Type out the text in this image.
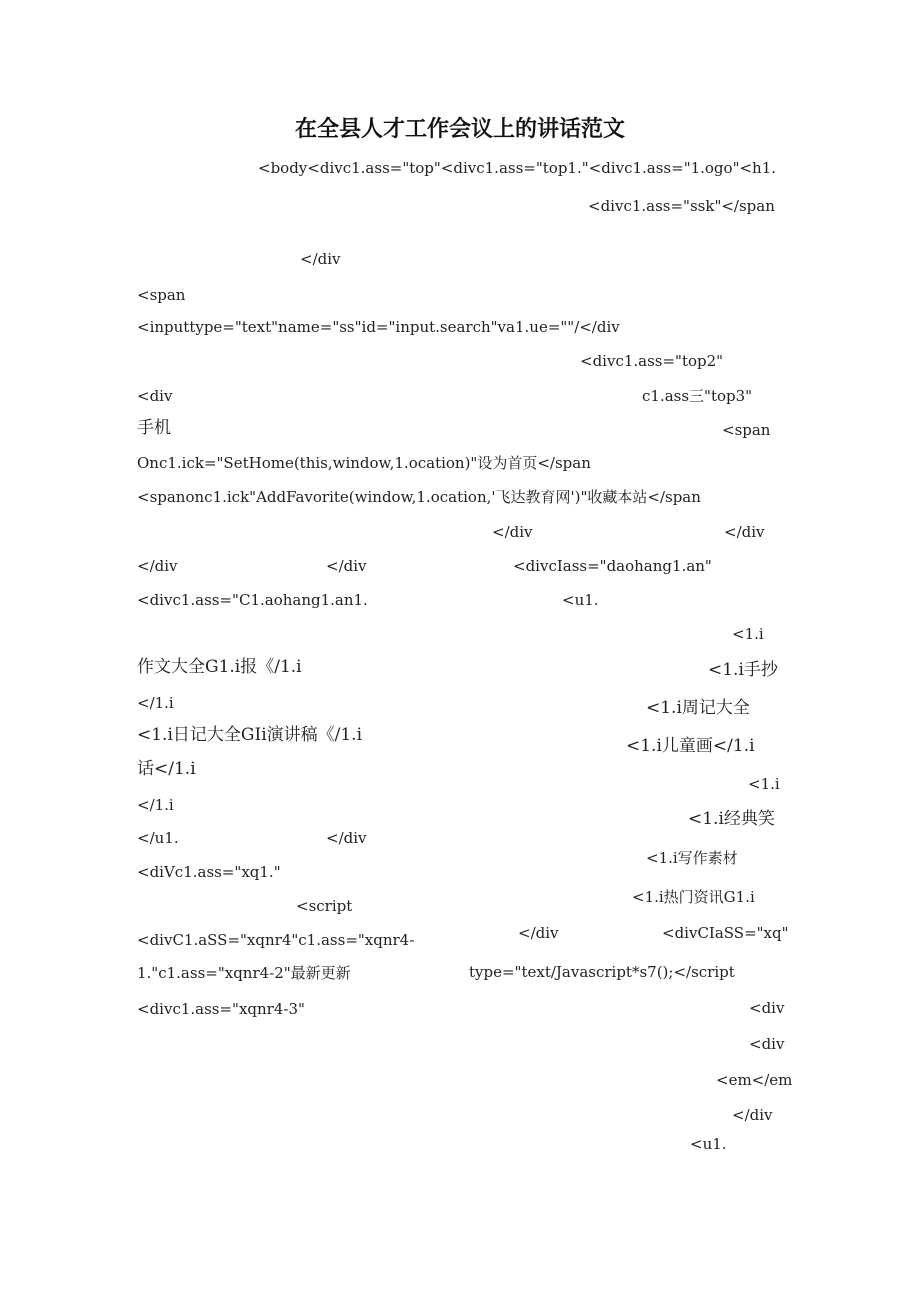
在全县人才工作会议上的讲话范文
<body<divc1.ass="top"<divc1.ass="top1."<divc1.ass="1.ogo"<h1.
<divc1.ass="ssk"</span
</div
<span
<inputtype="text"name="ss"id="input.search"va1.ue=""/</div
<divc1.ass="top2"
<div	c1.ass三"top3"
手机	<span
Onc1.ick="SetHome(this,window,1.ocation)"设为首页</span
<spanonc1.ick"AddFavorite(window,1.ocation,'飞达教育网')"收藏本站</span
</div	</div
</div	</div	<divcIass="daohang1.an"
<divc1.ass="C1.aohang1.an1.	<u1.
<1.i
作文大全G1.i报《/1.i	<1.i手抄
</1.i	<1.i周记大全
<1.i日记大全GIi演讲稿《/1.i
<1.i儿童画</1.i
话</1.i
<1.i
</1.i
<1.i经典笑
</u1.	</div
<1.i写作素材
<diVc1.ass="xq1."
<1.i热门资讯G1.i
<script
</div	<divCIaSS="xq"
<divC1.aSS="xqnr4"c1.ass="xqnr4-
1."c1.ass="xqnr4-2"最新更新	type="text/Javascript*s7();</script
<divc1.ass="xqnr4-3"	<div
<div
<em</em
</div
<u1.
